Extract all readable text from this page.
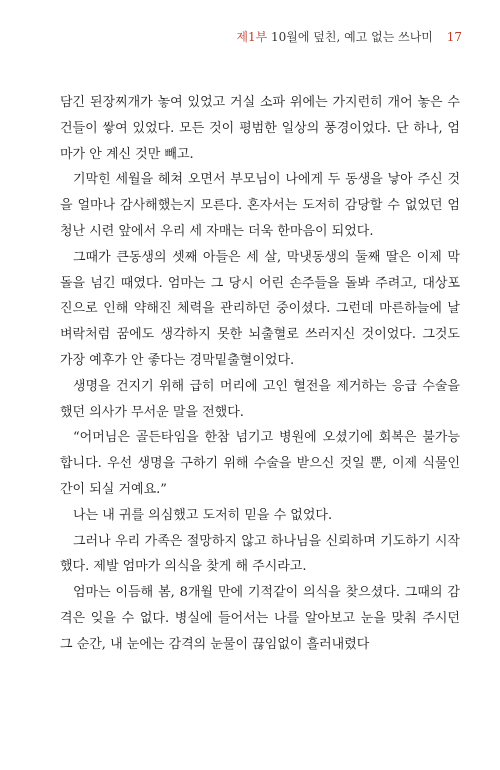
제1부 10월에 덮친, 예고 없는 쓰나미 17

담긴 된장찌개가 놓여 있었고 거실 소파 위에는 가지런히 개어 놓은 수건들이 쌓여 있었다. 모든 것이 평범한 일상의 풍경이었다. 단 하나, 엄마가 안 계신 것만 빼고.

기막힌 세월을 헤쳐 오면서 부모님이 나에게 두 동생을 낳아 주신 것을 얼마나 감사해했는지 모른다. 혼자서는 도저히 감당할 수 없었던 엄청난 시련 앞에서 우리 세 자매는 더욱 한마음이 되었다.

그때가 큰동생의 셋째 아들은 세 살, 막냇동생의 둘째 딸은 이제 막 돌을 넘긴 때였다. 엄마는 그 당시 어린 손주들을 돌봐 주려고, 대상포진으로 인해 약해진 체력을 관리하던 중이셨다. 그런데 마른하늘에 날벼락처럼 꿈에도 생각하지 못한 뇌출혈로 쓰러지신 것이었다. 그것도 가장 예후가 안 좋다는 경막밑출혈이었다.

생명을 건지기 위해 급히 머리에 고인 혈전을 제거하는 응급 수술을 했던 의사가 무서운 말을 전했다.

“어머님은 골든타임을 한참 넘기고 병원에 오셨기에 회복은 불가능합니다. 우선 생명을 구하기 위해 수술을 받으신 것일 뿐, 이제 식물인간이 되실 거예요.”

나는 내 귀를 의심했고 도저히 믿을 수 없었다.

그러나 우리 가족은 절망하지 않고 하나님을 신뢰하며 기도하기 시작했다. 제발 엄마가 의식을 찾게 해 주시라고.

엄마는 이듬해 봄, 8개월 만에 기적같이 의식을 찾으셨다. 그때의 감격은 잊을 수 없다. 병실에 들어서는 나를 알아보고 눈을 맞춰 주시던 그 순간, 내 눈에는 감격의 눈물이 끊임없이 흘러내렸다
